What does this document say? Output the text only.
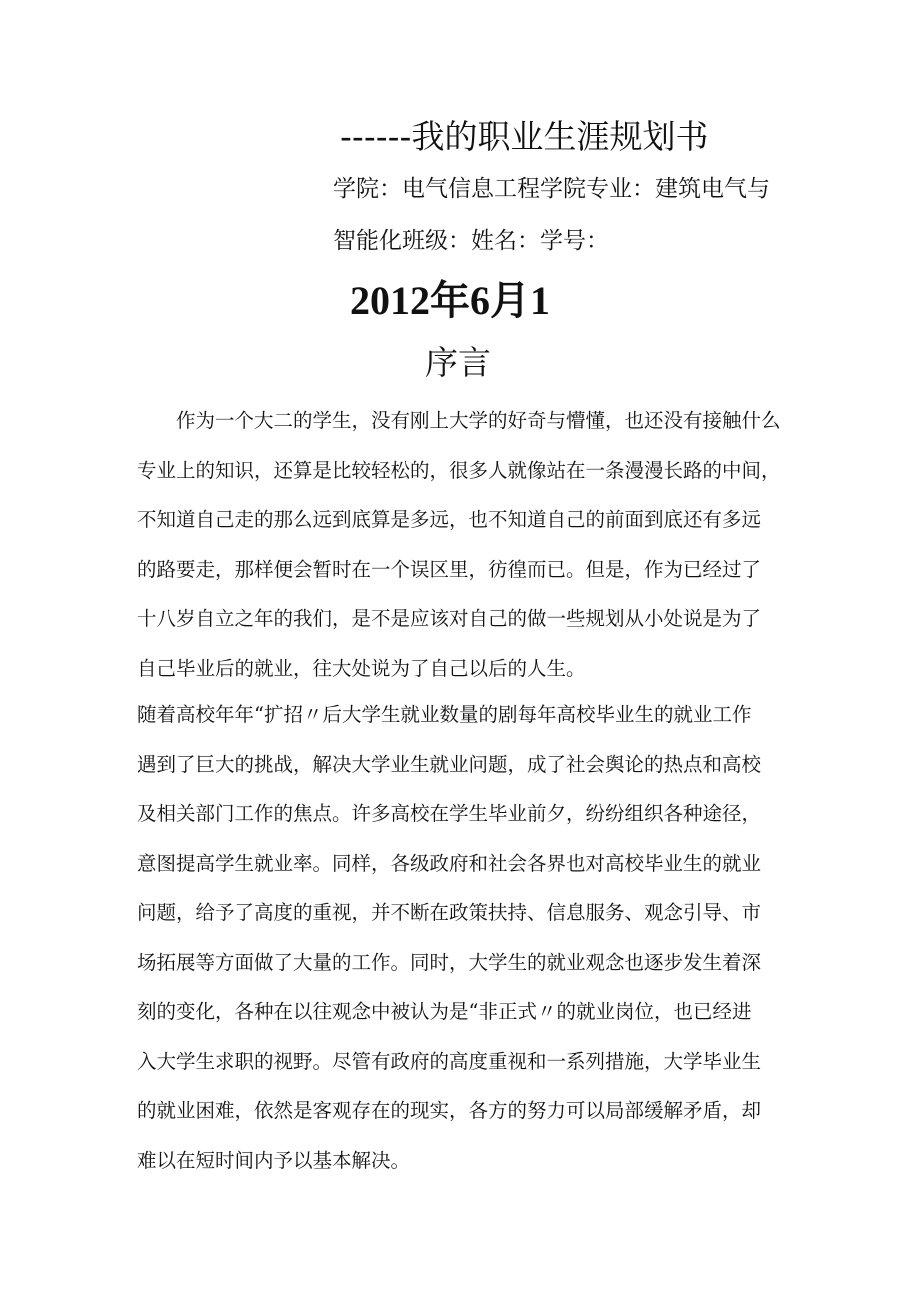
------我的职业生涯规划书
学院：电气信息工程学院专业：建筑电气与
智能化班级：姓名：学号：
2012年6月1
序言
　　作为一个大二的学生，没有刚上大学的好奇与懵懂，也还没有接触什么
专业上的知识，还算是比较轻松的，很多人就像站在一条漫漫长路的中间，
不知道自己走的那么远到底算是多远，也不知道自己的前面到底还有多远
的路要走，那样便会暂时在一个误区里，彷徨而已。但是，作为已经过了
十八岁自立之年的我们，是不是应该对自己的做一些规划从小处说是为了
自己毕业后的就业，往大处说为了自己以后的人生。
随着高校年年“扩招〃后大学生就业数量的剧每年高校毕业生的就业工作
遇到了巨大的挑战，解决大学业生就业问题，成了社会舆论的热点和高校
及相关部门工作的焦点。许多高校在学生毕业前夕，纷纷组织各种途径，
意图提高学生就业率。同样，各级政府和社会各界也对高校毕业生的就业
问题，给予了高度的重视，并不断在政策扶持、信息服务、观念引导、市
场拓展等方面做了大量的工作。同时，大学生的就业观念也逐步发生着深
刻的变化，各种在以往观念中被认为是“非正式〃的就业岗位，也已经进
入大学生求职的视野。尽管有政府的高度重视和一系列措施，大学毕业生
的就业困难，依然是客观存在的现实，各方的努力可以局部缓解矛盾，却
难以在短时间内予以基本解决。
